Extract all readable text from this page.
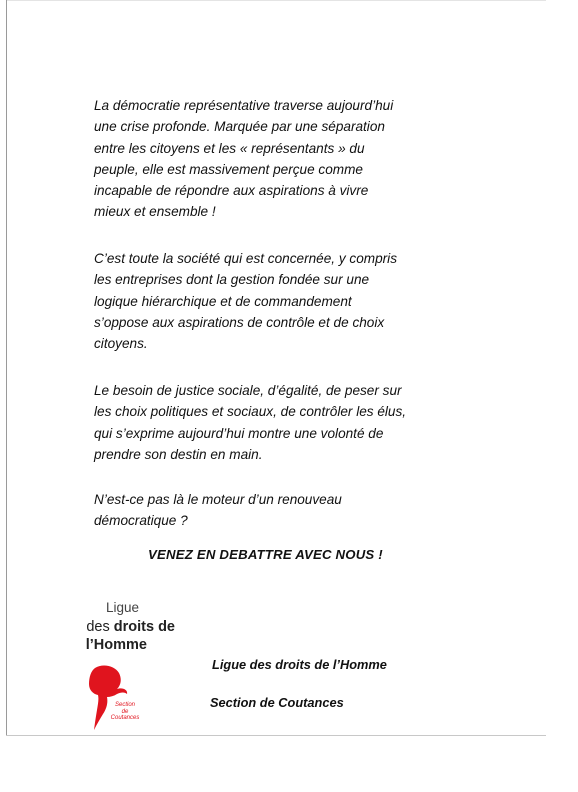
La démocratie représentative traverse aujourd’hui
une crise profonde. Marquée par une séparation
entre les citoyens et les « représentants » du
peuple, elle est massivement perçue comme
incapable de répondre aux aspirations à vivre
mieux et ensemble !
C’est toute la société qui est concernée, y compris
les entreprises dont la gestion fondée sur une
logique hiérarchique et de commandement
s’oppose aux aspirations de contrôle et de choix
citoyens.
Le besoin de justice sociale, d’égalité, de peser sur
les choix politiques et sociaux, de contrôler les élus,
qui s’exprime aujourd’hui montre une volonté de
prendre son destin en main.
N’est-ce pas là le moteur d’un renouveau
démocratique ?
VENEZ EN DEBATTRE AVEC NOUS !
Ligue
des droits de
l’Homme
Section
de
Coutances
Ligue des droits de l’Homme
Section de Coutances
